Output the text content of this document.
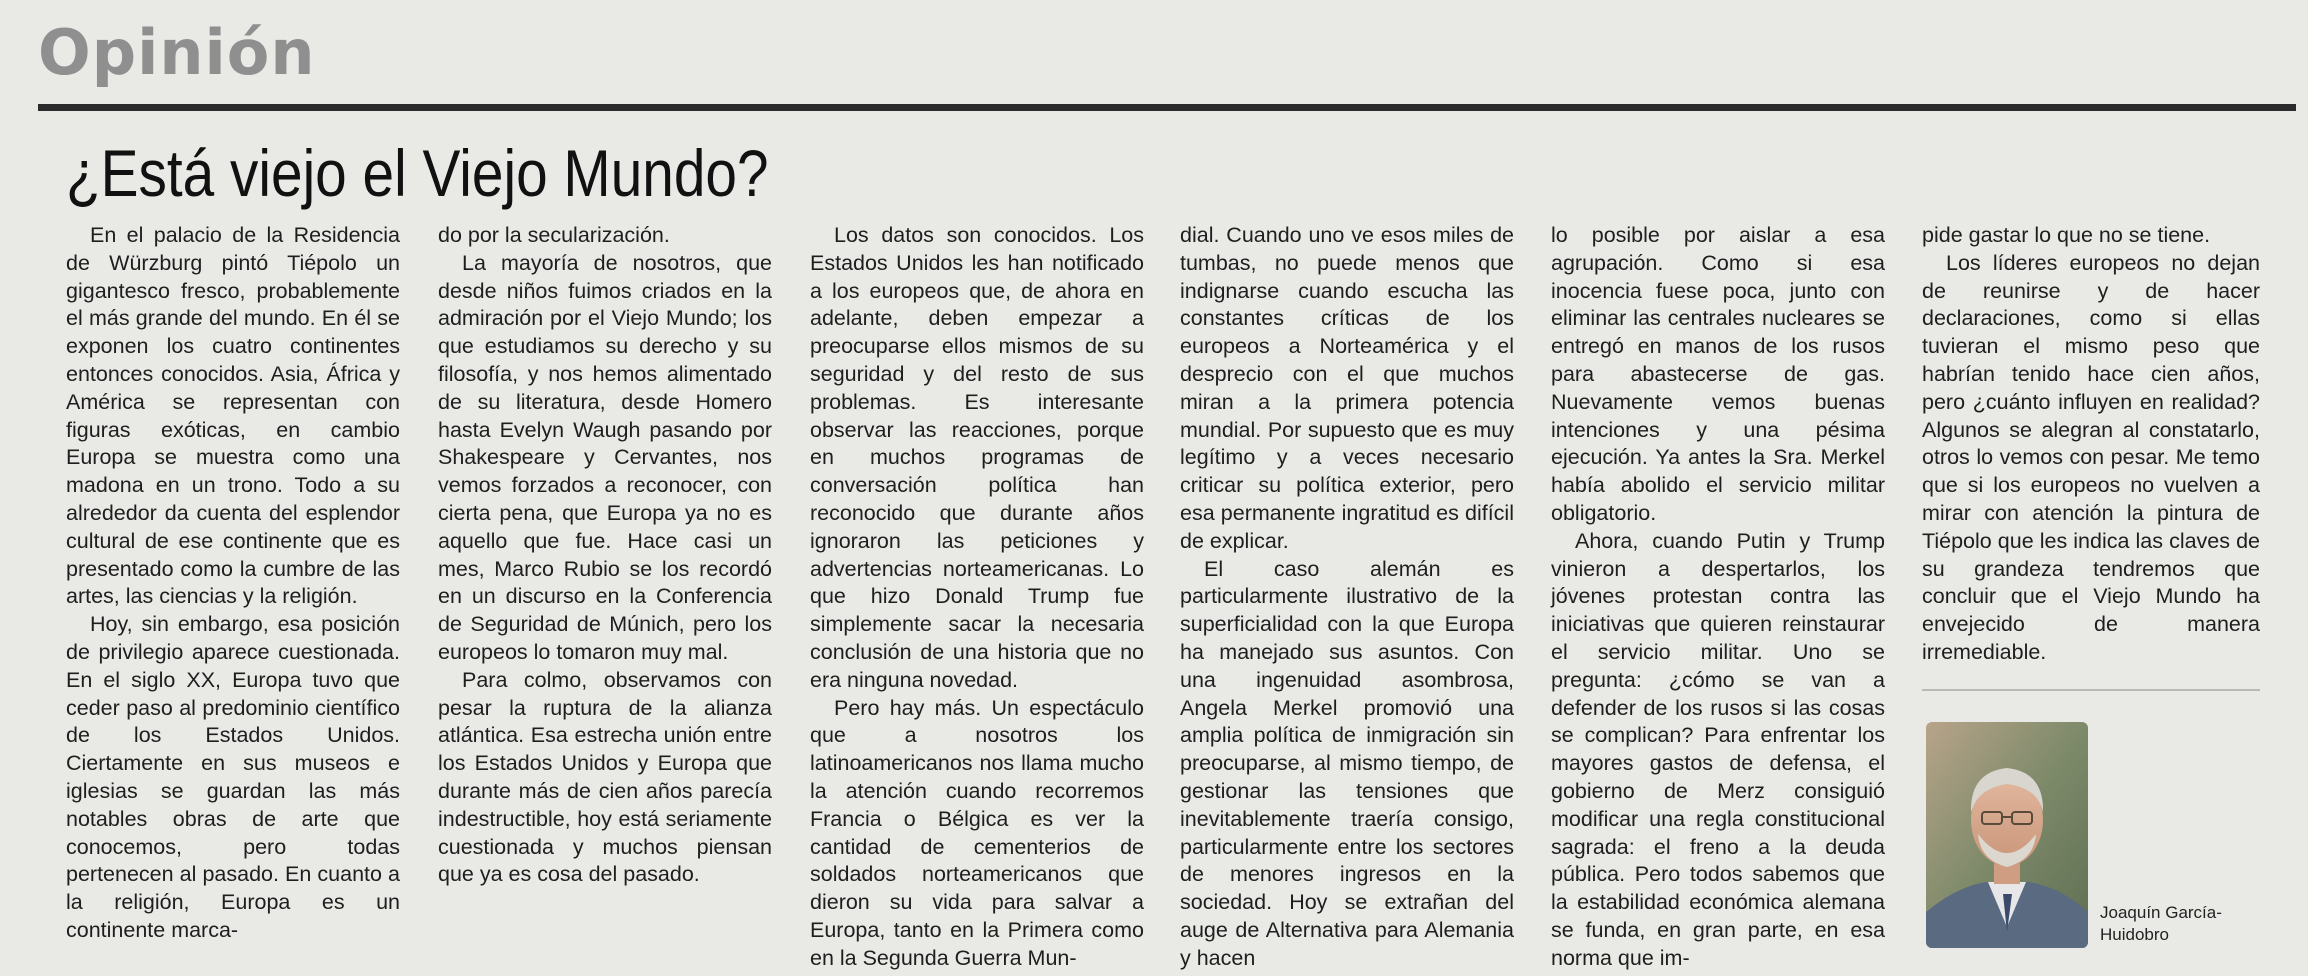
Opinión
¿Está viejo el Viejo Mundo?

En el palacio de la Residencia de Würzburg pintó Tiépolo un gigantesco fresco, probablemente el más grande del mundo. En él se exponen los cuatro continentes entonces conocidos. Asia, África y América se representan con figuras exóticas, en cambio Europa se muestra como una madona en un trono. Todo a su alrededor da cuenta del esplendor cultural de ese continente que es presentado como la cumbre de las artes, las ciencias y la religión.

Hoy, sin embargo, esa posición de privilegio aparece cuestionada. En el siglo XX, Europa tuvo que ceder paso al predominio científico de los Estados Unidos. Ciertamente en sus museos e iglesias se guardan las más notables obras de arte que conocemos, pero todas pertenecen al pasado. En cuanto a la religión, Europa es un continente marca-

do por la secularización.

La mayoría de nosotros, que desde niños fuimos criados en la admiración por el Viejo Mundo; los que estudiamos su derecho y su filosofía, y nos hemos alimentado de su literatura, desde Homero hasta Evelyn Waugh pasando por Shakespeare y Cervantes, nos vemos forzados a reconocer, con cierta pena, que Europa ya no es aquello que fue. Hace casi un mes, Marco Rubio se los recordó en un discurso en la Conferencia de Seguridad de Múnich, pero los europeos lo tomaron muy mal.

Para colmo, observamos con pesar la ruptura de la alianza atlántica. Esa estrecha unión entre los Estados Unidos y Europa que durante más de cien años parecía indestructible, hoy está seriamente cuestionada y muchos piensan que ya es cosa del pasado.

Los datos son conocidos. Los Estados Unidos les han notificado a los europeos que, de ahora en adelante, deben empezar a preocuparse ellos mismos de su seguridad y del resto de sus problemas. Es interesante observar las reacciones, porque en muchos programas de conversación política han reconocido que durante años ignoraron las peticiones y advertencias norteamericanas. Lo que hizo Donald Trump fue simplemente sacar la necesaria conclusión de una historia que no era ninguna novedad.

Pero hay más. Un espectáculo que a nosotros los latinoamericanos nos llama mucho la atención cuando recorremos Francia o Bélgica es ver la cantidad de cementerios de soldados norteamericanos que dieron su vida para salvar a Europa, tanto en la Primera como en la Segunda Guerra Mun-

dial. Cuando uno ve esos miles de tumbas, no puede menos que indignarse cuando escucha las constantes críticas de los europeos a Norteamérica y el desprecio con el que muchos miran a la primera potencia mundial. Por supuesto que es muy legítimo y a veces necesario criticar su política exterior, pero esa permanente ingratitud es difícil de explicar.

El caso alemán es particularmente ilustrativo de la superficialidad con la que Europa ha manejado sus asuntos. Con una ingenuidad asombrosa, Angela Merkel promovió una amplia política de inmigración sin preocuparse, al mismo tiempo, de gestionar las tensiones que inevitablemente traería consigo, particularmente entre los sectores de menores ingresos en la sociedad. Hoy se extrañan del auge de Alternativa para Alemania y hacen

lo posible por aislar a esa agrupación. Como si esa inocencia fuese poca, junto con eliminar las centrales nucleares se entregó en manos de los rusos para abastecerse de gas. Nuevamente vemos buenas intenciones y una pésima ejecución. Ya antes la Sra. Merkel había abolido el servicio militar obligatorio.

Ahora, cuando Putin y Trump vinieron a despertarlos, los jóvenes protestan contra las iniciativas que quieren reinstaurar el servicio militar. Uno se pregunta: ¿cómo se van a defender de los rusos si las cosas se complican? Para enfrentar los mayores gastos de defensa, el gobierno de Merz consiguió modificar una regla constitucional sagrada: el freno a la deuda pública. Pero todos sabemos que la estabilidad económica alemana se funda, en gran parte, en esa norma que im-

pide gastar lo que no se tiene.

Los líderes europeos no dejan de reunirse y de hacer declaraciones, como si ellas tuvieran el mismo peso que habrían tenido hace cien años, pero ¿cuánto influyen en realidad? Algunos se alegran al constatarlo, otros lo vemos con pesar. Me temo que si los europeos no vuelven a mirar con atención la pintura de Tiépolo que les indica las claves de su grandeza tendremos que concluir que el Viejo Mundo ha envejecido de manera irremediable.

Joaquín García-
Huidobro
